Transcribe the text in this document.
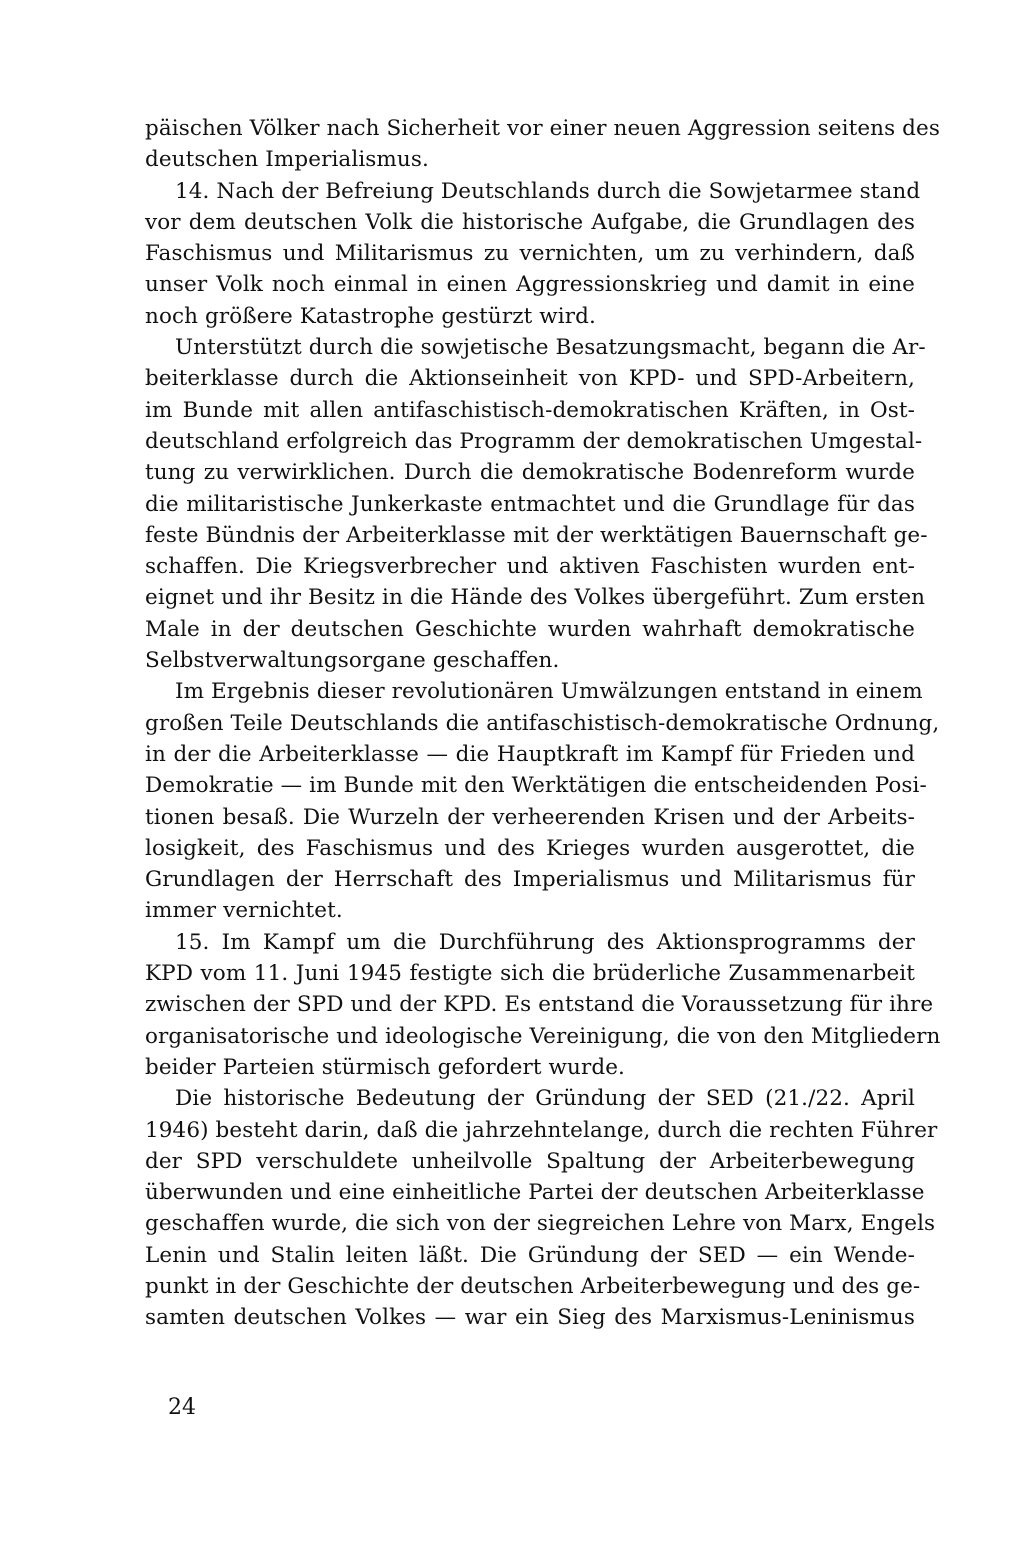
päischen Völker nach Sicherheit vor einer neuen Aggression seitens des
deutschen Imperialismus.
14. Nach der Befreiung Deutschlands durch die Sowjetarmee stand
vor dem deutschen Volk die historische Aufgabe, die Grundlagen des
Faschismus und Militarismus zu vernichten, um zu verhindern, daß
unser Volk noch einmal in einen Aggressionskrieg und damit in eine
noch größere Katastrophe gestürzt wird.
Unterstützt durch die sowjetische Besatzungsmacht, begann die Ar-
beiterklasse durch die Aktionseinheit von KPD- und SPD-Arbeitern,
im Bunde mit allen antifaschistisch-demokratischen Kräften, in Ost-
deutschland erfolgreich das Programm der demokratischen Umgestal-
tung zu verwirklichen. Durch die demokratische Bodenreform wurde
die militaristische Junkerkaste entmachtet und die Grundlage für das
feste Bündnis der Arbeiterklasse mit der werktätigen Bauernschaft ge-
schaffen. Die Kriegsverbrecher und aktiven Faschisten wurden ent-
eignet und ihr Besitz in die Hände des Volkes übergeführt. Zum ersten
Male in der deutschen Geschichte wurden wahrhaft demokratische
Selbstverwaltungsorgane geschaffen.
Im Ergebnis dieser revolutionären Umwälzungen entstand in einem
großen Teile Deutschlands die antifaschistisch-demokratische Ordnung,
in der die Arbeiterklasse — die Hauptkraft im Kampf für Frieden und
Demokratie — im Bunde mit den Werktätigen die entscheidenden Posi-
tionen besaß. Die Wurzeln der verheerenden Krisen und der Arbeits-
losigkeit, des Faschismus und des Krieges wurden ausgerottet, die
Grundlagen der Herrschaft des Imperialismus und Militarismus für
immer vernichtet.
15. Im Kampf um die Durchführung des Aktionsprogramms der
KPD vom 11. Juni 1945 festigte sich die brüderliche Zusammenarbeit
zwischen der SPD und der KPD. Es entstand die Voraussetzung für ihre
organisatorische und ideologische Vereinigung, die von den Mitgliedern
beider Parteien stürmisch gefordert wurde.
Die historische Bedeutung der Gründung der SED (21./22. April
1946) besteht darin, daß die jahrzehntelange, durch die rechten Führer
der SPD verschuldete unheilvolle Spaltung der Arbeiterbewegung
überwunden und eine einheitliche Partei der deutschen Arbeiterklasse
geschaffen wurde, die sich von der siegreichen Lehre von Marx, Engels
Lenin und Stalin leiten läßt. Die Gründung der SED — ein Wende-
punkt in der Geschichte der deutschen Arbeiterbewegung und des ge-
samten deutschen Volkes — war ein Sieg des Marxismus-Leninismus
24
